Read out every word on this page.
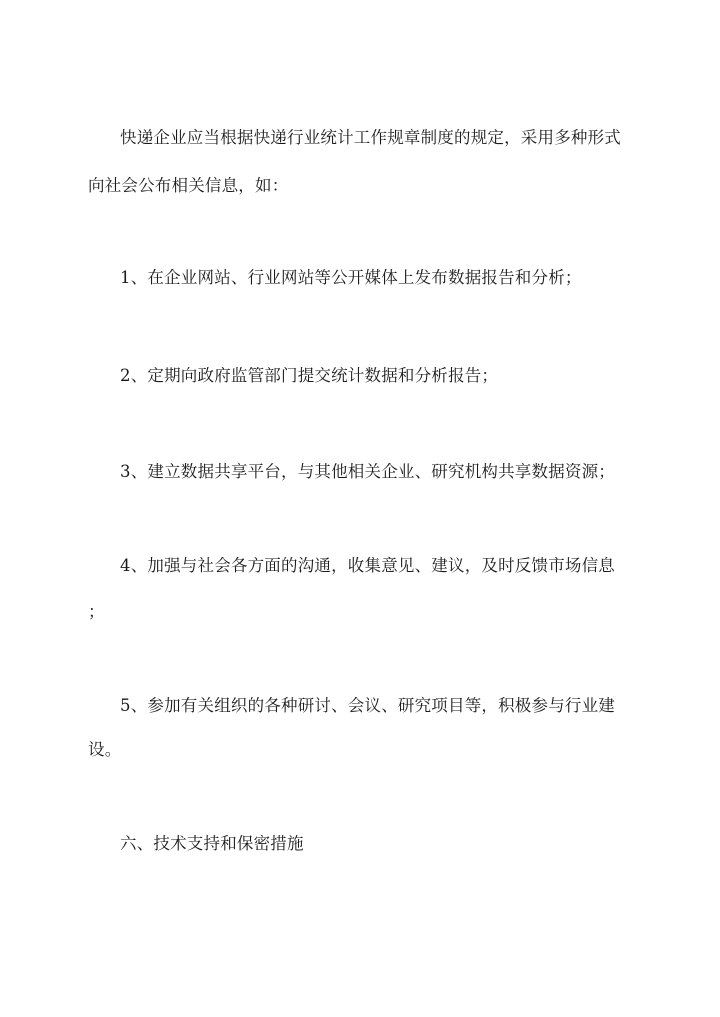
快递企业应当根据快递行业统计工作规章制度的规定，采用多种形式
向社会公布相关信息，如：
1、在企业网站、行业网站等公开媒体上发布数据报告和分析；
2、定期向政府监管部门提交统计数据和分析报告；
3、建立数据共享平台，与其他相关企业、研究机构共享数据资源；
4、加强与社会各方面的沟通，收集意见、建议，及时反馈市场信息
；
5、参加有关组织的各种研讨、会议、研究项目等，积极参与行业建
设。
六、技术支持和保密措施
